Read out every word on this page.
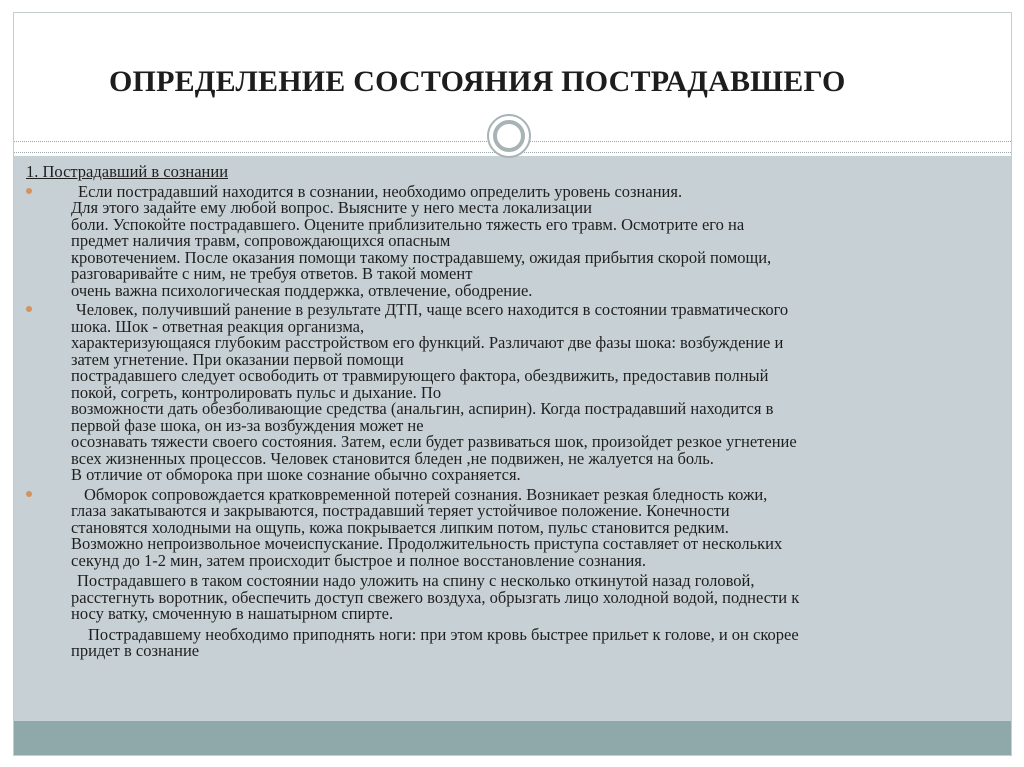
ОПРЕДЕЛЕНИЕ СОСТОЯНИЯ ПОСТРАДАВШЕГО
1. Пострадавший в сознании
Если пострадавший находится в сознании, необходимо определить уровень сознания.
Для этого задайте ему любой вопрос. Выясните у него места локализации
боли. Успокойте пострадавшего. Оцените приблизительно тяжесть его травм. Осмотрите его на
предмет наличия травм, сопровождающихся опасным
кровотечением. После оказания помощи такому пострадавшему, ожидая прибытия скорой помощи,
разговаривайте с ним, не требуя ответов. В такой момент
очень важна психологическая поддержка, отвлечение, ободрение.
Человек, получивший ранение в результате ДТП, чаще всего находится в состоянии травматического
шока. Шок - ответная реакция организма,
характеризующаяся глубоким расстройством его функций. Различают две фазы шока: возбуждение и
затем угнетение. При оказании первой помощи
пострадавшего следует освободить от травмирующего фактора, обездвижить, предоставив полный
покой, согреть, контролировать пульс и дыхание. По
возможности дать обезболивающие средства (анальгин, аспирин). Когда пострадавший находится в
первой фазе шока, он из-за возбуждения может не
осознавать тяжести своего состояния. Затем, если будет развиваться шок, произойдет резкое угнетение
всех жизненных процессов. Человек становится бледен ,не подвижен, не жалуется на боль.
В отличие от обморока при шоке сознание обычно сохраняется.
Обморок сопровождается кратковременной потерей сознания. Возникает резкая бледность кожи,
глаза закатываются и закрываются, пострадавший теряет устойчивое положение. Конечности
становятся холодными на ощупь, кожа покрывается липким потом, пульс становится редким.
Возможно непроизвольное мочеиспускание. Продолжительность приступа составляет от нескольких
секунд до 1-2 мин, затем происходит быстрое и полное восстановление сознания.
Пострадавшего в таком состоянии надо уложить на спину с несколько откинутой назад головой,
расстегнуть воротник, обеспечить доступ свежего воздуха, обрызгать лицо холодной водой, поднести к
носу ватку, смоченную в нашатырном спирте.
Пострадавшему необходимо приподнять ноги: при этом кровь быстрее прильет к голове, и он скорее
придет в сознание
